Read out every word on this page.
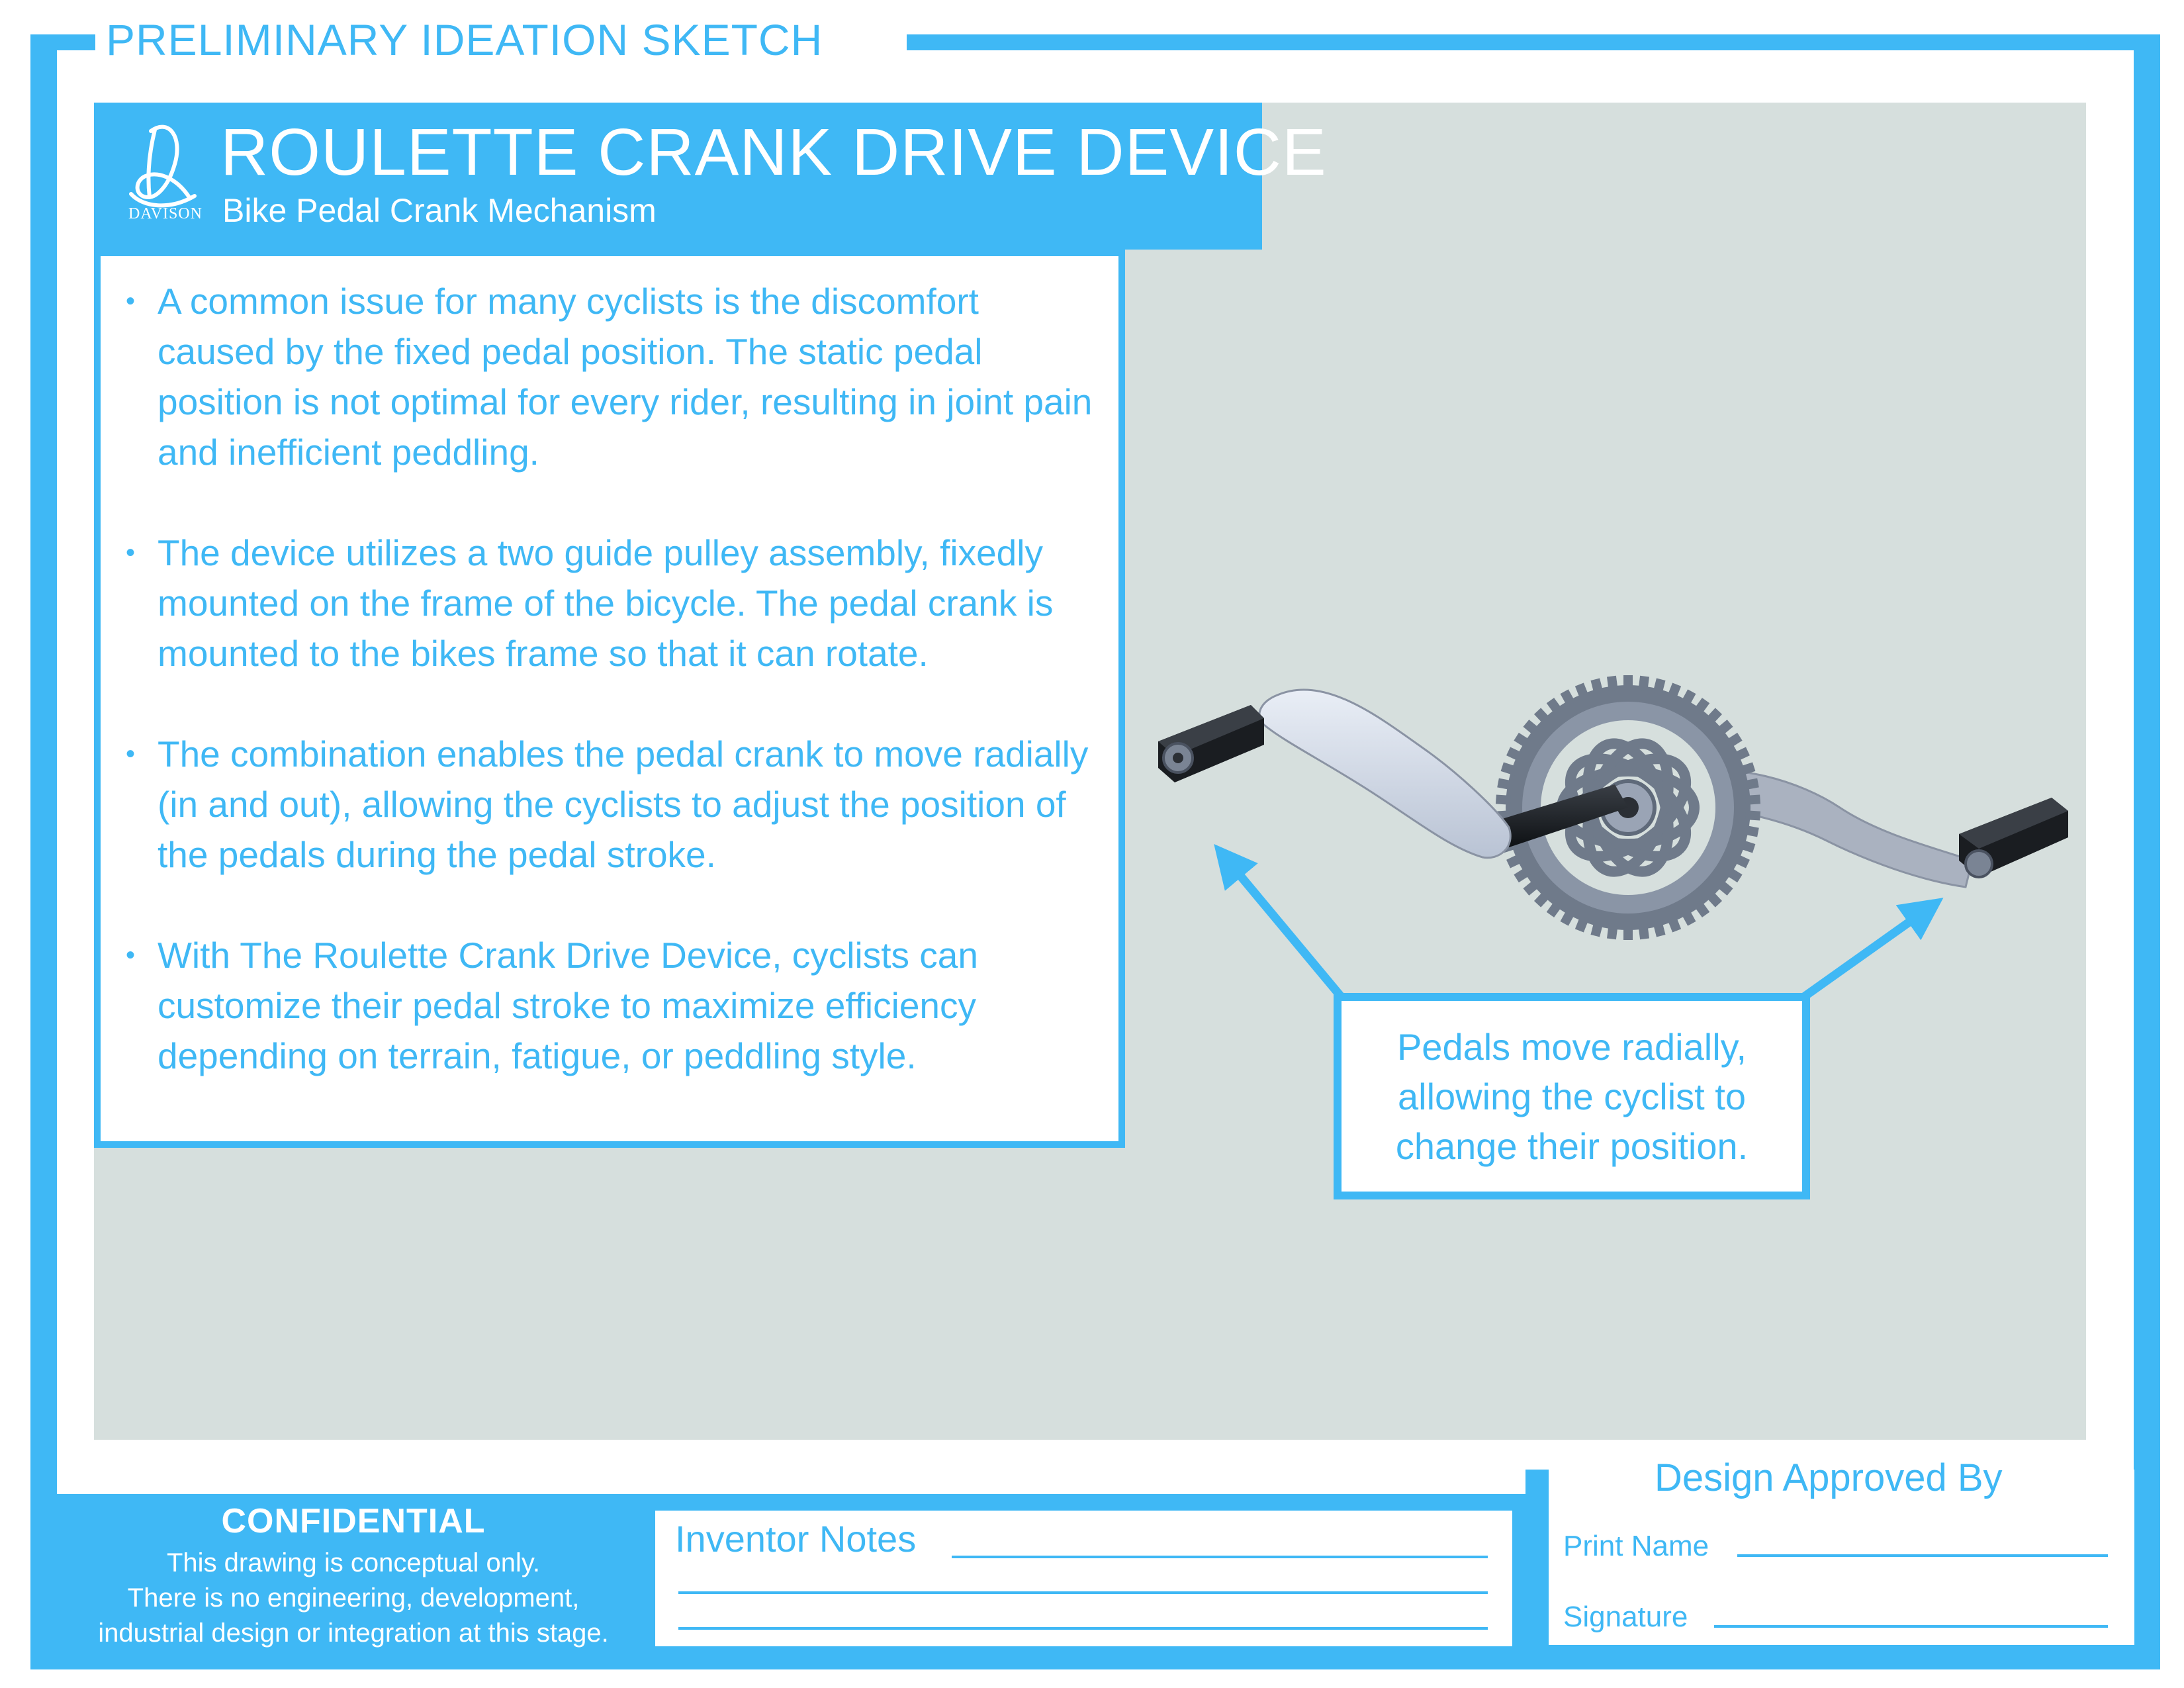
PRELIMINARY IDEATION SKETCH
DAVISON
ROULETTE CRANK DRIVE DEVICE
Bike Pedal Crank Mechanism
• A common issue for many cyclists is the discomfort caused by the fixed pedal position. The static pedal position is not optimal for every rider, resulting in joint pain and inefficient peddling.
• The device utilizes a two guide pulley assembly, fixedly mounted on the frame of the bicycle. The pedal crank is mounted to the bikes frame so that it can rotate.
• The combination enables the pedal crank to move radially (in and out), allowing the cyclists to adjust the position of the pedals during the pedal stroke.
• With The Roulette Crank Drive Device, cyclists can customize their pedal stroke to maximize efficiency depending on terrain, fatigue, or peddling style.	Pedals move radially, allowing the cyclist to change their position.
CONFIDENTIAL
This drawing is conceptual only.
There is no engineering, development,
industrial design or integration at this stage.
Inventor Notes
Design Approved By
Print Name
Signature
